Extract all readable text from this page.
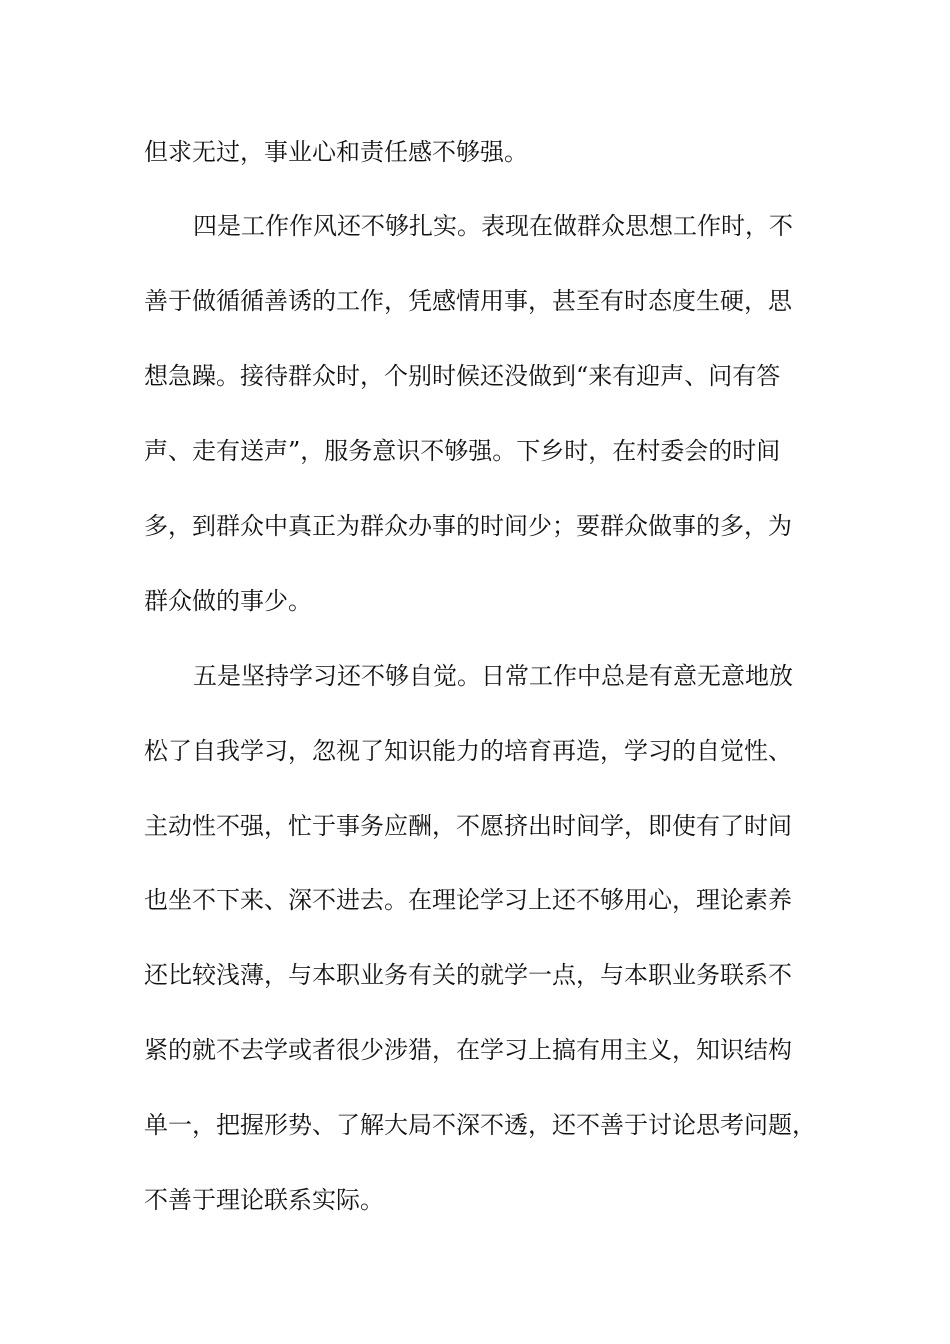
但求无过，事业心和责任感不够强。
四是工作作风还不够扎实。表现在做群众思想工作时，不
善于做循循善诱的工作，凭感情用事，甚至有时态度生硬，思
想急躁。接待群众时，个别时候还没做到“来有迎声、问有答
声、走有送声”，服务意识不够强。下乡时，在村委会的时间
多，到群众中真正为群众办事的时间少；要群众做事的多，为
群众做的事少。
五是坚持学习还不够自觉。日常工作中总是有意无意地放
松了自我学习，忽视了知识能力的培育再造，学习的自觉性、
主动性不强，忙于事务应酬，不愿挤出时间学，即使有了时间
也坐不下来、深不进去。在理论学习上还不够用心，理论素养
还比较浅薄，与本职业务有关的就学一点，与本职业务联系不
紧的就不去学或者很少涉猎，在学习上搞有用主义，知识结构
单一，把握形势、了解大局不深不透，还不善于讨论思考问题，
不善于理论联系实际。
